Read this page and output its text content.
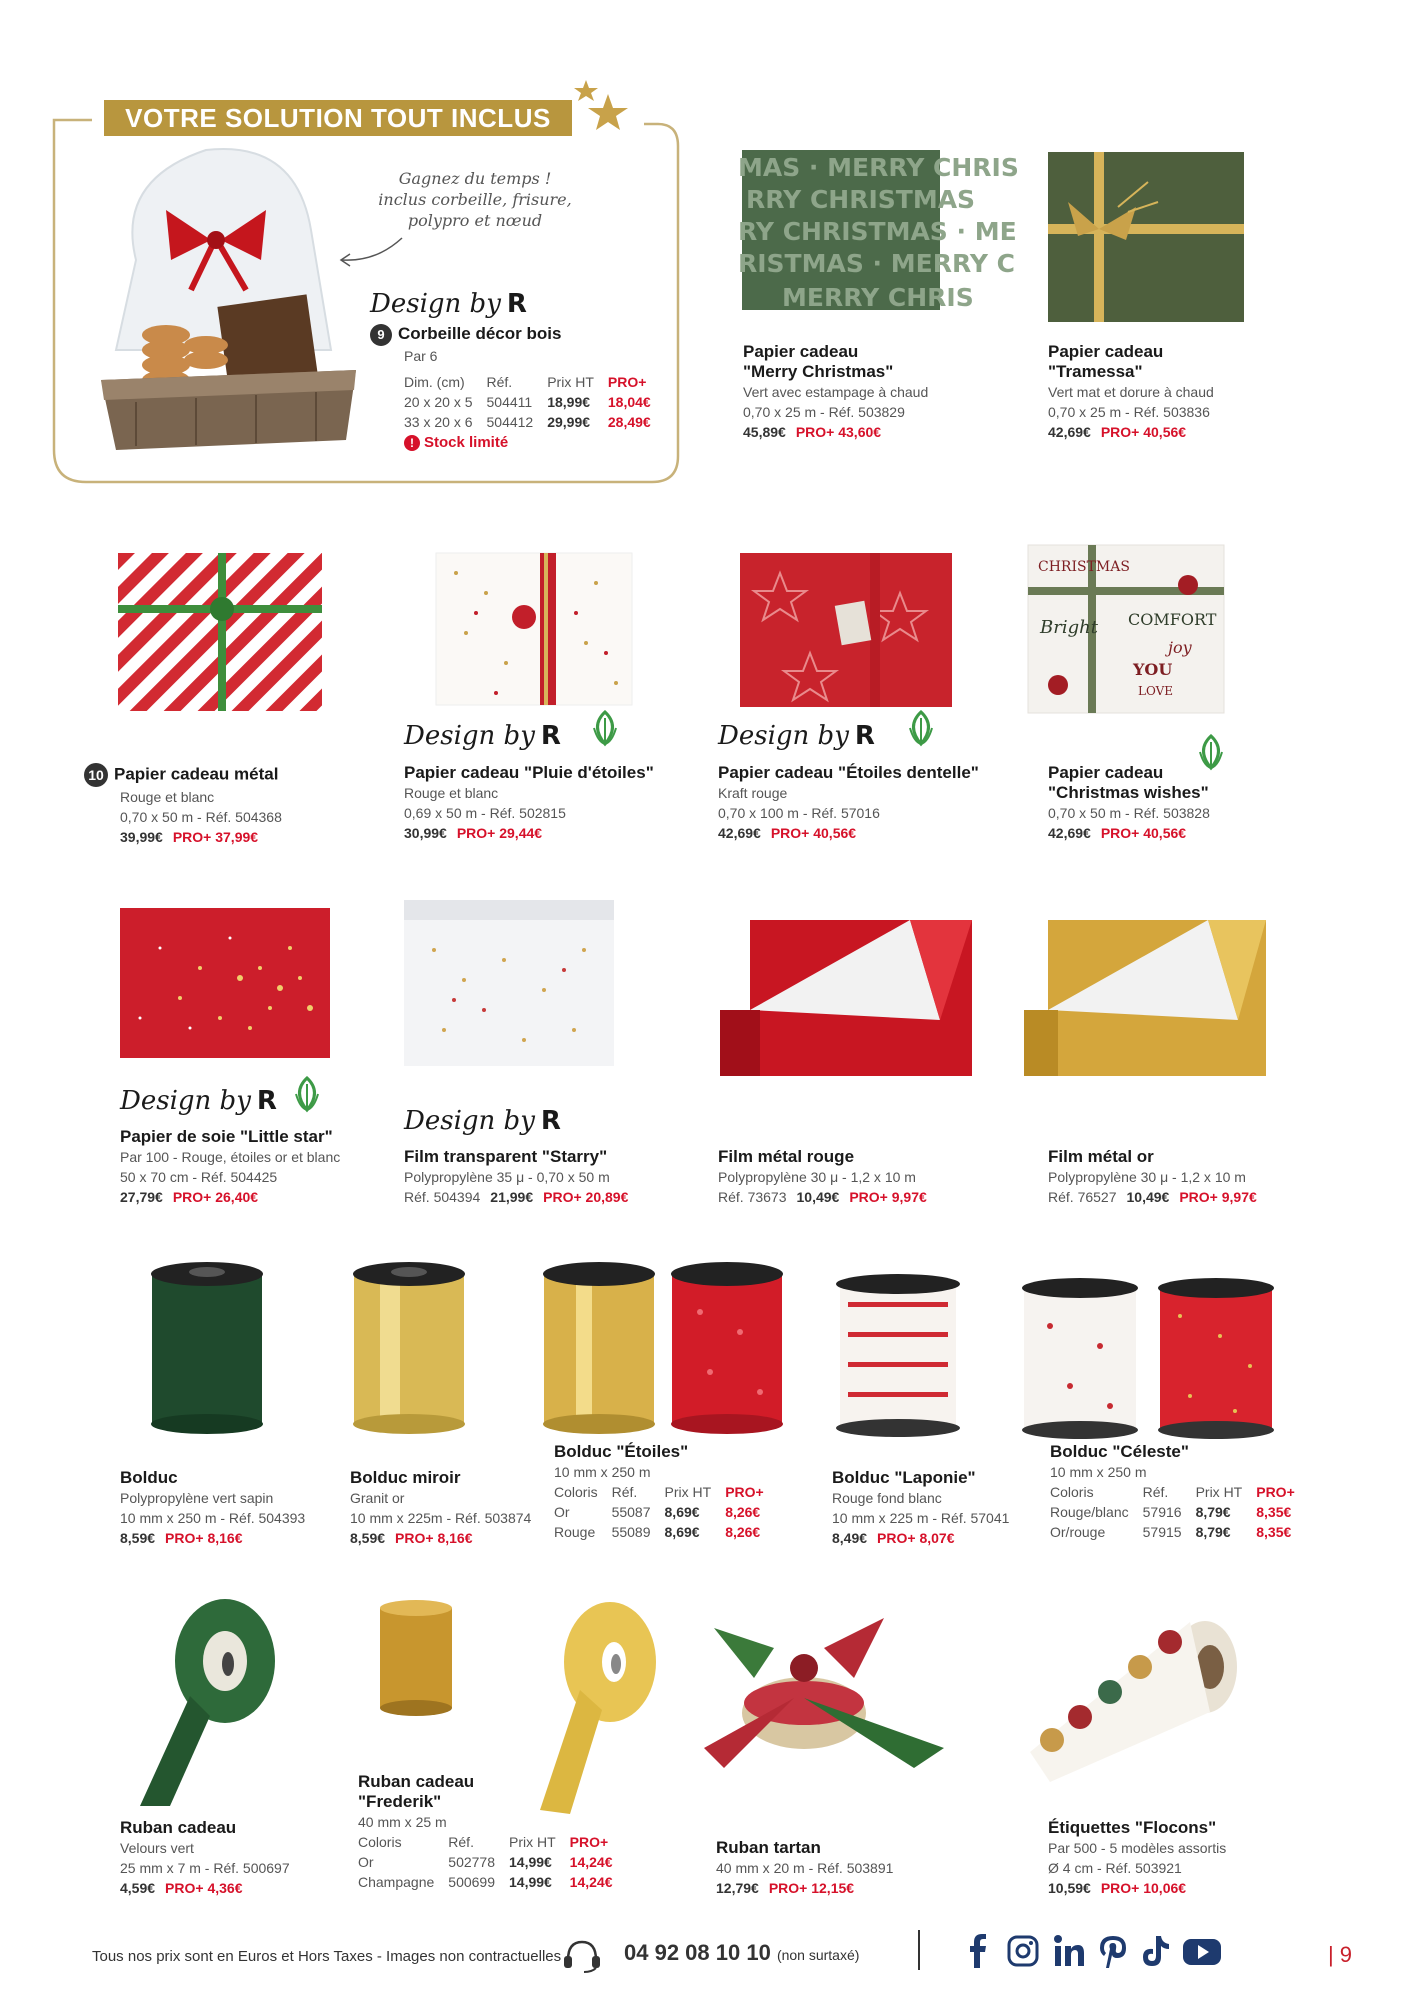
VOTRE SOLUTION TOUT INCLUS
Gagnez du temps !
inclus corbeille, frisure,
polypro et nœud
Design by R
9 Corbeille décor bois
Par 6
Dim. (cm)	Réf.	Prix HT	PRO+
20 x 20 x 5	504411	18,99€	18,04€
33 x 20 x 6	504412	29,99€	28,49€
! Stock limité
MAS · MERRY CHRIS
RRY CHRISTMAS
RY CHRISTMAS · ME
RISTMAS · MERRY C
MERRY CHRIS
Papier cadeau
"Merry Christmas"
Vert avec estampage à chaud
0,70 x 25 m - Réf. 503829
45,89€ PRO+ 43,60€
Papier cadeau
"Tramessa"
Vert mat et dorure à chaud
0,70 x 25 m - Réf. 503836
42,69€ PRO+ 40,56€
CHRISTMAS
Bright COMFORT
joy
YOU
LOVE
Design by R	Design by R
10 Papier cadeau métal
Rouge et blanc
0,70 x 50 m - Réf. 504368
39,99€ PRO+ 37,99€
Papier cadeau "Pluie d'étoiles"
Rouge et blanc
0,69 x 50 m - Réf. 502815
30,99€ PRO+ 29,44€
Papier cadeau "Étoiles dentelle"
Kraft rouge
0,70 x 100 m - Réf. 57016
42,69€ PRO+ 40,56€
Papier cadeau
"Christmas wishes"
0,70 x 50 m - Réf. 503828
42,69€ PRO+ 40,56€
Design by R
Design by R
Papier de soie "Little star"
Par 100 - Rouge, étoiles or et blanc
50 x 70 cm - Réf. 504425
27,79€ PRO+ 26,40€
Film transparent "Starry"
Polypropylène 35 μ - 0,70 x 50 m
Réf. 504394 21,99€ PRO+ 20,89€
Film métal rouge
Polypropylène 30 μ - 1,2 x 10 m
Réf. 73673 10,49€ PRO+ 9,97€
Film métal or
Polypropylène 30 μ - 1,2 x 10 m
Réf. 76527 10,49€ PRO+ 9,97€
Bolduc
Polypropylène vert sapin
10 mm x 250 m - Réf. 504393
8,59€ PRO+ 8,16€
Bolduc miroir
Granit or
10 mm x 225m - Réf. 503874
8,59€ PRO+ 8,16€
Bolduc "Étoiles"
10 mm x 250 m
Coloris	Réf.	Prix HT	PRO+
Or	55087	8,69€	8,26€
Rouge	55089	8,69€	8,26€
Bolduc "Laponie"
Rouge fond blanc
10 mm x 225 m - Réf. 57041
8,49€ PRO+ 8,07€
Bolduc "Céleste"
10 mm x 250 m
Coloris	Réf.	Prix HT	PRO+
Rouge/blanc	57916	8,79€	8,35€
Or/rouge	57915	8,79€	8,35€
Ruban cadeau
Velours vert
25 mm x 7 m - Réf. 500697
4,59€ PRO+ 4,36€
Ruban cadeau
"Frederik"
40 mm x 25 m
Coloris	Réf.	Prix HT	PRO+
Or	502778	14,99€	14,24€
Champagne	500699	14,99€	14,24€
Ruban tartan
40 mm x 20 m - Réf. 503891
12,79€ PRO+ 12,15€
Étiquettes "Flocons"
Par 500 - 5 modèles assortis
Ø 4 cm - Réf. 503921
10,59€ PRO+ 10,06€
Tous nos prix sont en Euros et Hors Taxes - Images non contractuelles	04 92 08 10 10 (non surtaxé)	| 9
